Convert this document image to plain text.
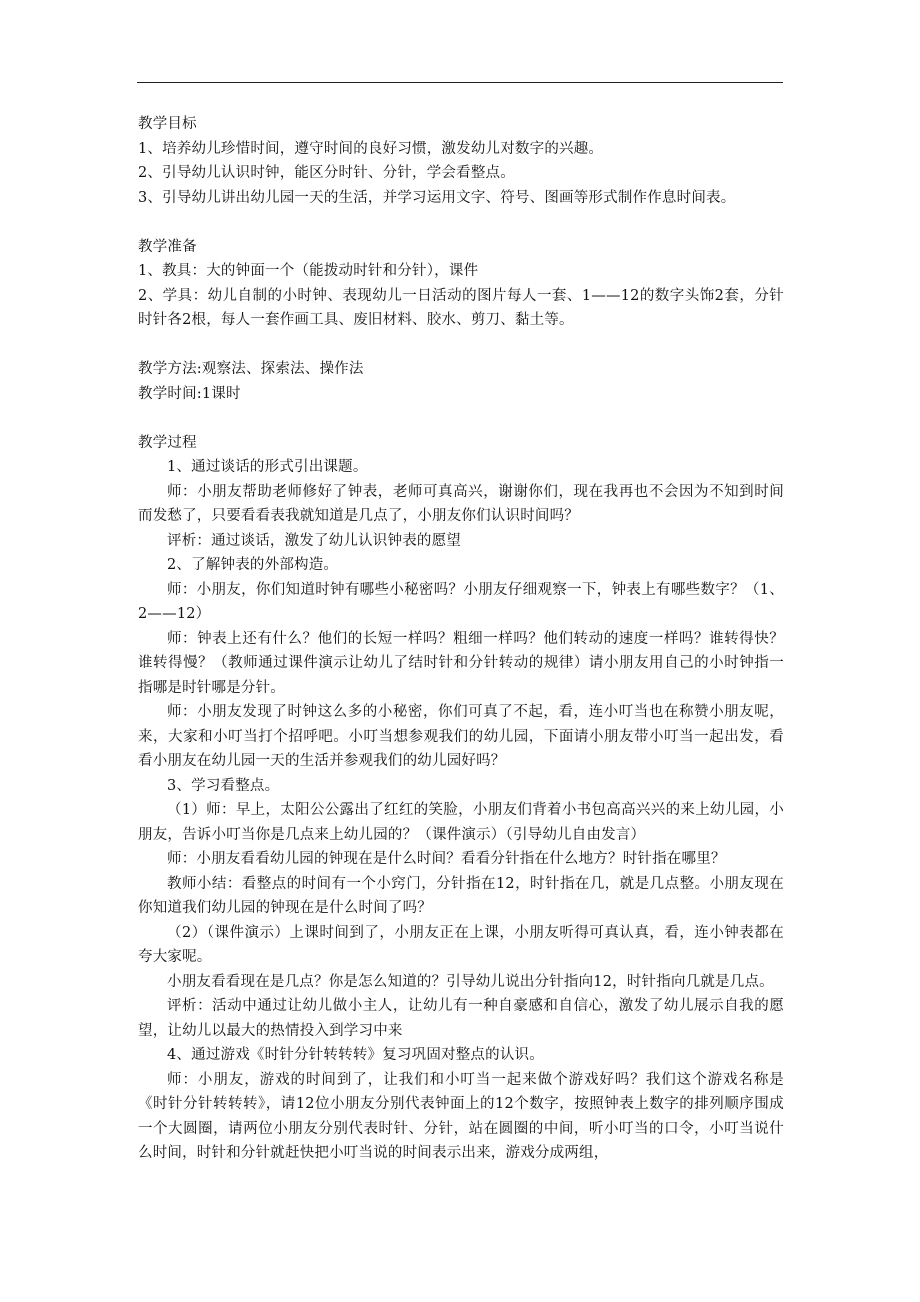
教学目标

1、培养幼儿珍惜时间，遵守时间的良好习惯，激发幼儿对数字的兴趣。

2、引导幼儿认识时钟，能区分时针、分针，学会看整点。

3、引导幼儿讲出幼儿园一天的生活，并学习运用文字、符号、图画等形式制作作息时间表。

教学准备

1、教具：大的钟面一个（能拨动时针和分针），课件

2、学具：幼儿自制的小时钟、表现幼儿一日活动的图片每人一套、1——12的数字头饰2套，分针时针各2根，每人一套作画工具、废旧材料、胶水、剪刀、黏土等。

教学方法:观察法、探索法、操作法

教学时间:1课时

教学过程

1、通过谈话的形式引出课题。

师：小朋友帮助老师修好了钟表，老师可真高兴，谢谢你们，现在我再也不会因为不知到时间而发愁了，只要看看表我就知道是几点了，小朋友你们认识时间吗？

评析：通过谈话，激发了幼儿认识钟表的愿望

2、了解钟表的外部构造。

师：小朋友，你们知道时钟有哪些小秘密吗？小朋友仔细观察一下，钟表上有哪些数字？（1、2——12）

师：钟表上还有什么？他们的长短一样吗？粗细一样吗？他们转动的速度一样吗？谁转得快？谁转得慢？（教师通过课件演示让幼儿了结时针和分针转动的规律）请小朋友用自己的小时钟指一指哪是时针哪是分针。

师：小朋友发现了时钟这么多的小秘密，你们可真了不起，看，连小叮当也在称赞小朋友呢，来，大家和小叮当打个招呼吧。小叮当想参观我们的幼儿园，下面请小朋友带小叮当一起出发，看看小朋友在幼儿园一天的生活并参观我们的幼儿园好吗？

3、学习看整点。

（1）师：早上，太阳公公露出了红红的笑脸，小朋友们背着小书包高高兴兴的来上幼儿园，小朋友，告诉小叮当你是几点来上幼儿园的？（课件演示）（引导幼儿自由发言）

师：小朋友看看幼儿园的钟现在是什么时间？看看分针指在什么地方？时针指在哪里？

教师小结：看整点的时间有一个小窍门，分针指在12，时针指在几，就是几点整。小朋友现在你知道我们幼儿园的钟现在是什么时间了吗？

（2）（课件演示）上课时间到了，小朋友正在上课，小朋友听得可真认真，看，连小钟表都在夸大家呢。

小朋友看看现在是几点？你是怎么知道的？引导幼儿说出分针指向12，时针指向几就是几点。

评析：活动中通过让幼儿做小主人，让幼儿有一种自豪感和自信心，激发了幼儿展示自我的愿望，让幼儿以最大的热情投入到学习中来

4、通过游戏《时针分针转转转》复习巩固对整点的认识。

师：小朋友，游戏的时间到了，让我们和小叮当一起来做个游戏好吗？我们这个游戏名称是《时针分针转转转》，请12位小朋友分别代表钟面上的12个数字，按照钟表上数字的排列顺序围成一个大圆圈，请两位小朋友分别代表时针、分针，站在圆圈的中间，听小叮当的口令，小叮当说什么时间，时针和分针就赶快把小叮当说的时间表示出来，游戏分成两组，
